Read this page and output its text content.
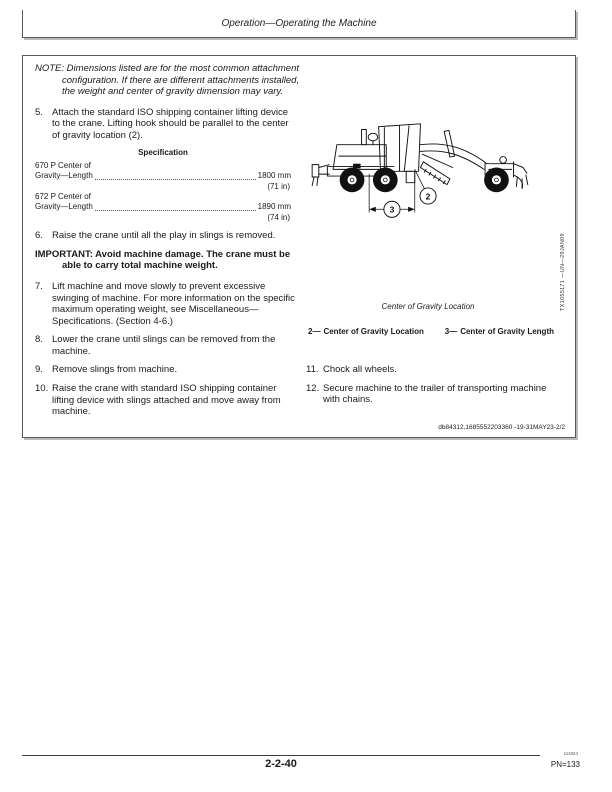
Operation—Operating the Machine

NOTE: Dimensions listed are for the most common attachment configuration. If there are different attachments installed, the weight and center of gravity dimension may vary.

5. Attach the standard ISO shipping container lifting device to the crane. Lifting hook should be parallel to the center of gravity location (2).
Specification
670 P Center of
Gravity—Length	1800 mm
(71 in)
672 P Center of
Gravity—Length	1890 mm
(74 in)
6. Raise the crane until all the play in slings is removed.

IMPORTANT: Avoid machine damage. The crane must be able to carry total machine weight.

7. Lift machine and move slowly to prevent excessive swinging of machine. For more information on the specific maximum operating weight, see Miscellaneous—Specifications. (Section 4-6.)
8. Lower the crane until slings can be removed from the machine.
9. Remove slings from machine.
10. Raise the crane with standard ISO shipping container lifting device with slings attached and move away from machine.
3
2
TX1055171 —UN—29JAN09
Center of Gravity Location
2— Center of Gravity Location	3— Center of Gravity Length
11. Chock all wheels.
12. Secure machine to the trailer of transporting machine with chains.
db84312,1685552203360 -19-31MAY23-2/2
2-2-40
111924
PN=133
